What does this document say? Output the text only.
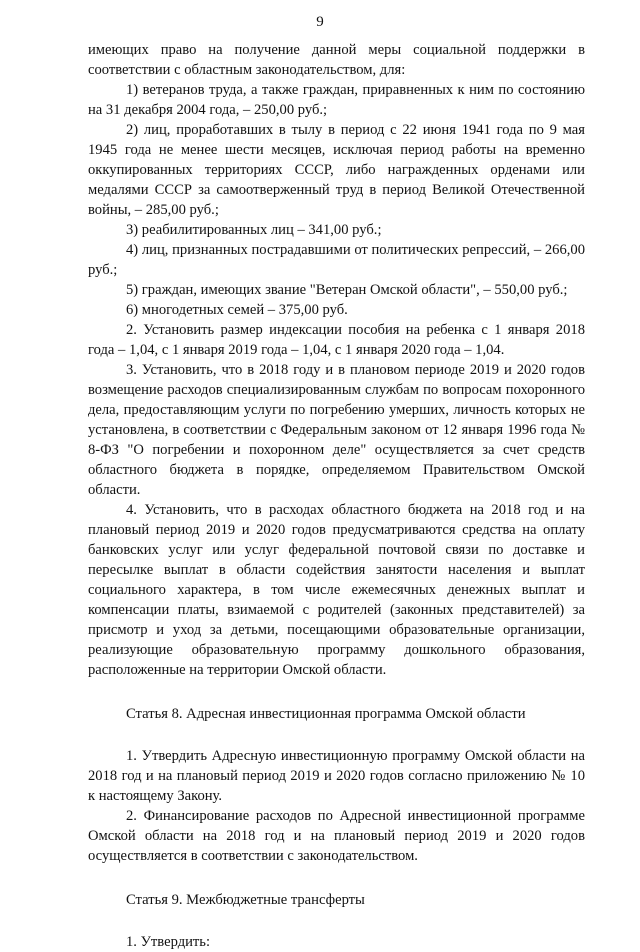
9

имеющих право на получение данной меры социальной поддержки в соответствии с областным законодательством, для:

1) ветеранов труда, а также граждан, приравненных к ним по состоянию на 31 декабря 2004 года, – 250,00 руб.;

2) лиц, проработавших в тылу в период с 22 июня 1941 года по 9 мая 1945 года не менее шести месяцев, исключая период работы на временно оккупированных территориях СССР, либо награжденных орденами или медалями СССР за самоотверженный труд в период Великой Отечественной войны, – 285,00 руб.;

3) реабилитированных лиц – 341,00 руб.;

4) лиц, признанных пострадавшими от политических репрессий, – 266,00 руб.;

5) граждан, имеющих звание "Ветеран Омской области", – 550,00 руб.;

6) многодетных семей – 375,00 руб.

2. Установить размер индексации пособия на ребенка с 1 января 2018 года – 1,04, с 1 января 2019 года – 1,04, с 1 января 2020 года – 1,04.

3. Установить, что в 2018 году и в плановом периоде 2019 и 2020 годов возмещение расходов специализированным службам по вопросам похоронного дела, предоставляющим услуги по погребению умерших, личность которых не установлена, в соответствии с Федеральным законом от 12 января 1996 года № 8-ФЗ "О погребении и похоронном деле" осуществляется за счет средств областного бюджета в порядке, определяемом Правительством Омской области.

4. Установить, что в расходах областного бюджета на 2018 год и на плановый период 2019 и 2020 годов предусматриваются средства на оплату банковских услуг или услуг федеральной почтовой связи по доставке и пересылке выплат в области содействия занятости населения и выплат социального характера, в том числе ежемесячных денежных выплат и компенсации платы, взимаемой с родителей (законных представителей) за присмотр и уход за детьми, посещающими образовательные организации, реализующие образовательную программу дошкольного образования, расположенные на территории Омской области.

Статья 8. Адресная инвестиционная программа Омской области

1. Утвердить Адресную инвестиционную программу Омской области на 2018 год и на плановый период 2019 и 2020 годов согласно приложению № 10 к настоящему Закону.

2. Финансирование расходов по Адресной инвестиционной программе Омской области на 2018 год и на плановый период 2019 и 2020 годов осуществляется в соответствии с законодательством.

Статья 9. Межбюджетные трансферты

1. Утвердить:
